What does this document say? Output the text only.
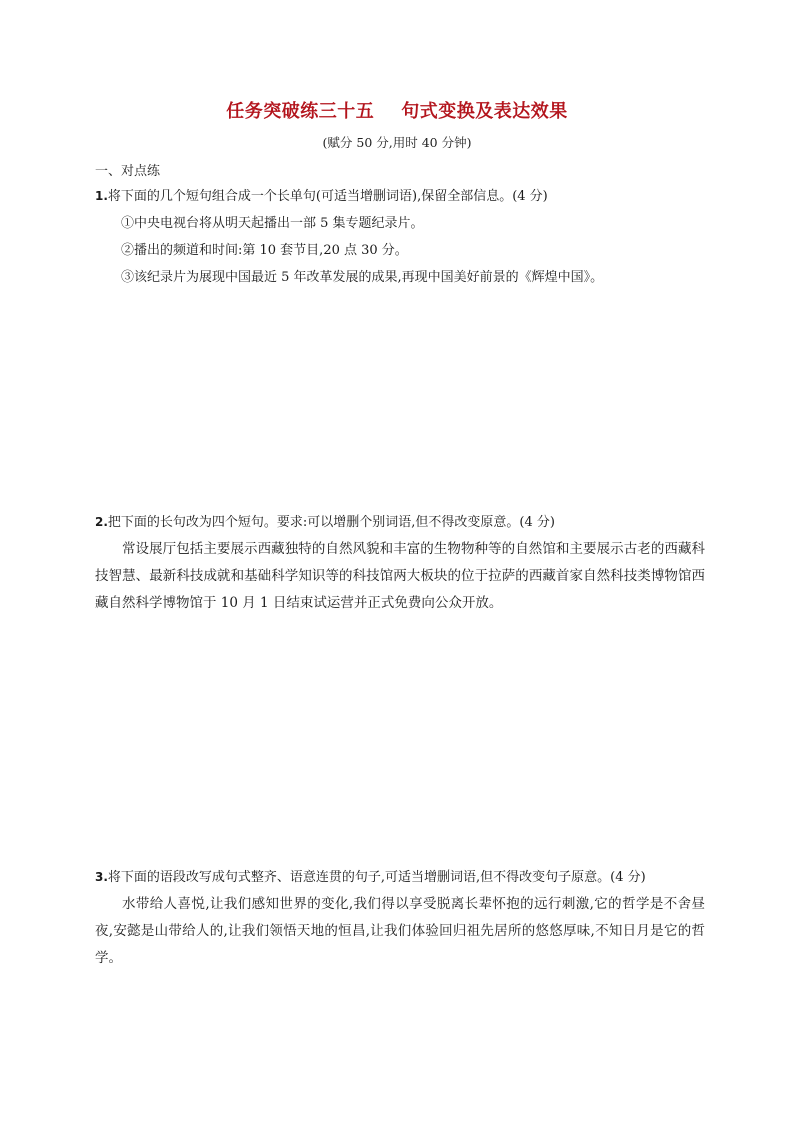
任务突破练三十五    句式变换及表达效果
(赋分 50 分,用时 40 分钟)
一、对点练
1.将下面的几个短句组合成一个长单句(可适当增删词语),保留全部信息。(4 分)
①中央电视台将从明天起播出一部 5 集专题纪录片。
②播出的频道和时间:第 10 套节目,20 点 30 分。
③该纪录片为展现中国最近 5 年改革发展的成果,再现中国美好前景的《辉煌中国》。
2.把下面的长句改为四个短句。要求:可以增删个别词语,但不得改变原意。(4 分)

常设展厅包括主要展示西藏独特的自然风貌和丰富的生物物种等的自然馆和主要展示古老的西藏科技智慧、最新科技成就和基础科学知识等的科技馆两大板块的位于拉萨的西藏首家自然科技类博物馆西藏自然科学博物馆于 10 月 1 日结束试运营并正式免费向公众开放。

3.将下面的语段改写成句式整齐、语意连贯的句子,可适当增删词语,但不得改变句子原意。(4 分)

水带给人喜悦,让我们感知世界的变化,我们得以享受脱离长辈怀抱的远行刺激,它的哲学是不舍昼夜,安懿是山带给人的,让我们领悟天地的恒昌,让我们体验回归祖先居所的悠悠厚味,不知日月是它的哲学。
